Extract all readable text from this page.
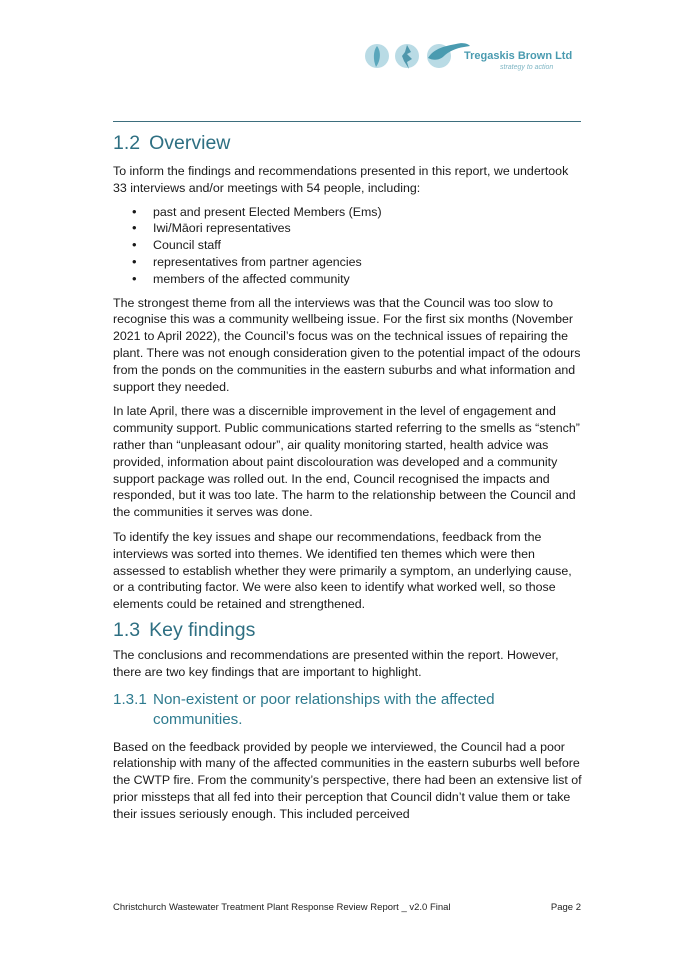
Tregaskis Brown Ltd
strategy to action
1.2 Overview

To inform the findings and recommendations presented in this report, we undertook 33 interviews and/or meetings with 54 people, including:

• past and present Elected Members (Ems)
• Iwi/Māori representatives
• Council staff
• representatives from partner agencies
• members of the affected community

The strongest theme from all the interviews was that the Council was too slow to recognise this was a community wellbeing issue. For the first six months (November 2021 to April 2022), the Council’s focus was on the technical issues of repairing the plant. There was not enough consideration given to the potential impact of the odours from the ponds on the communities in the eastern suburbs and what information and support they needed.

In late April, there was a discernible improvement in the level of engagement and community support. Public communications started referring to the smells as “stench” rather than “unpleasant odour”, air quality monitoring started, health advice was provided, information about paint discolouration was developed and a community support package was rolled out. In the end, Council recognised the impacts and responded, but it was too late. The harm to the relationship between the Council and the communities it serves was done.

To identify the key issues and shape our recommendations, feedback from the interviews was sorted into themes. We identified ten themes which were then assessed to establish whether they were primarily a symptom, an underlying cause, or a contributing factor. We were also keen to identify what worked well, so those elements could be retained and strengthened.

1.3 Key findings

The conclusions and recommendations are presented within the report. However, there are two key findings that are important to highlight.

1.3.1 Non-existent or poor relationships with the affected
communities.

Based on the feedback provided by people we interviewed, the Council had a poor relationship with many of the affected communities in the eastern suburbs well before the CWTP fire. From the community’s perspective, there had been an extensive list of prior missteps that all fed into their perception that Council didn’t value them or take their issues seriously enough. This included perceived

Christchurch Wastewater Treatment Plant Response Review Report _ v2.0 Final	Page 2
